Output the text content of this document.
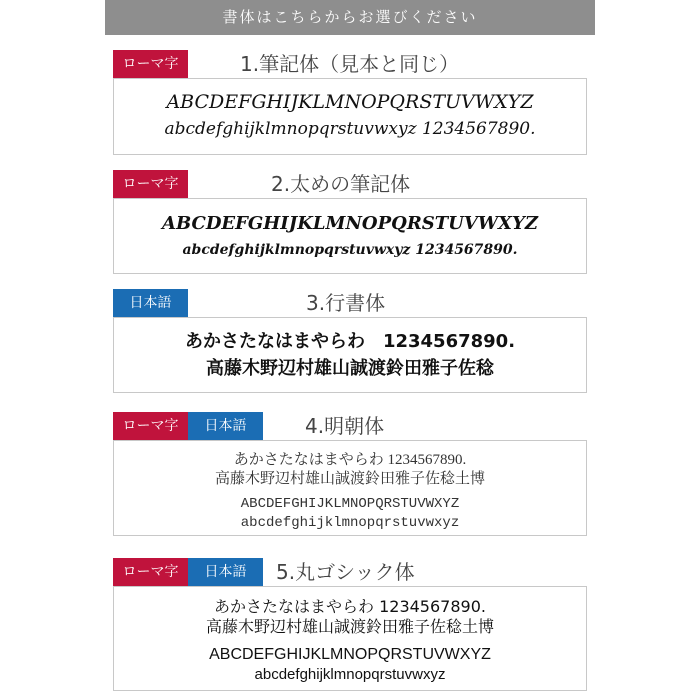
書体はこちらからお選びください
ローマ字	1.筆記体（見本と同じ）
ABCDEFGHIJKLMNOPQRSTUVWXYZ
abcdefghijklmnopqrstuvwxyz 1234567890.
ローマ字	2.太めの筆記体
ABCDEFGHIJKLMNOPQRSTUVWXYZ
abcdefghijklmnopqrstuvwxyz 1234567890.
日本語	3.行書体
あかさたなはまやらわ　1234567890.
高藤木野辺村雄山誠渡鈴田雅子佐稔
ローマ字	日本語	4.明朝体
あかさたなはまやらわ 1234567890.
高藤木野辺村雄山誠渡鈴田雅子佐稔土博
ABCDEFGHIJKLMNOPQRSTUVWXYZ
abcdefghijklmnopqrstuvwxyz
ローマ字	日本語	5.丸ゴシック体
あかさたなはまやらわ 1234567890.
高藤木野辺村雄山誠渡鈴田雅子佐稔土博
ABCDEFGHIJKLMNOPQRSTUVWXYZ
abcdefghijklmnopqrstuvwxyz
